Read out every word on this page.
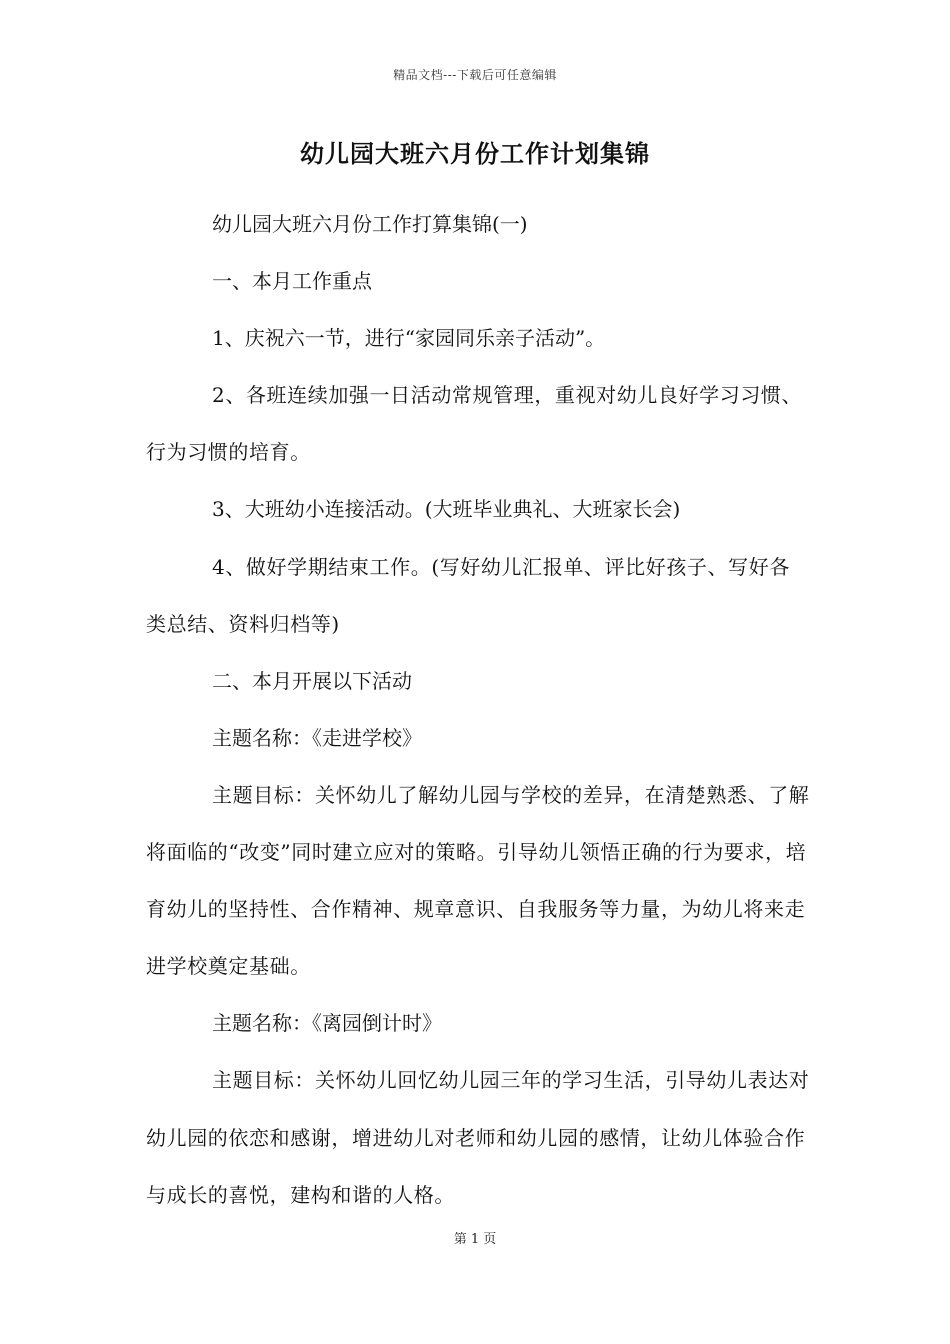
精品文档---下载后可任意编辑
幼儿园大班六月份工作计划集锦

幼儿园大班六月份工作打算集锦(一)

一、本月工作重点

1、庆祝六一节，进行“家园同乐亲子活动”。

2、各班连续加强一日活动常规管理，重视对幼儿良好学习习惯、行为习惯的培育。

3、大班幼小连接活动。(大班毕业典礼、大班家长会)

4、做好学期结束工作。(写好幼儿汇报单、评比好孩子、写好各类总结、资料归档等)

二、本月开展以下活动

主题名称：《走进学校》

主题目标：关怀幼儿了解幼儿园与学校的差异，在清楚熟悉、了解将面临的“改变”同时建立应对的策略。引导幼儿领悟正确的行为要求，培育幼儿的坚持性、合作精神、规章意识、自我服务等力量，为幼儿将来走进学校奠定基础。

主题名称：《离园倒计时》

主题目标：关怀幼儿回忆幼儿园三年的学习生活，引导幼儿表达对幼儿园的依恋和感谢，增进幼儿对老师和幼儿园的感情，让幼儿体验合作与成长的喜悦，建构和谐的人格。

第 1 页
